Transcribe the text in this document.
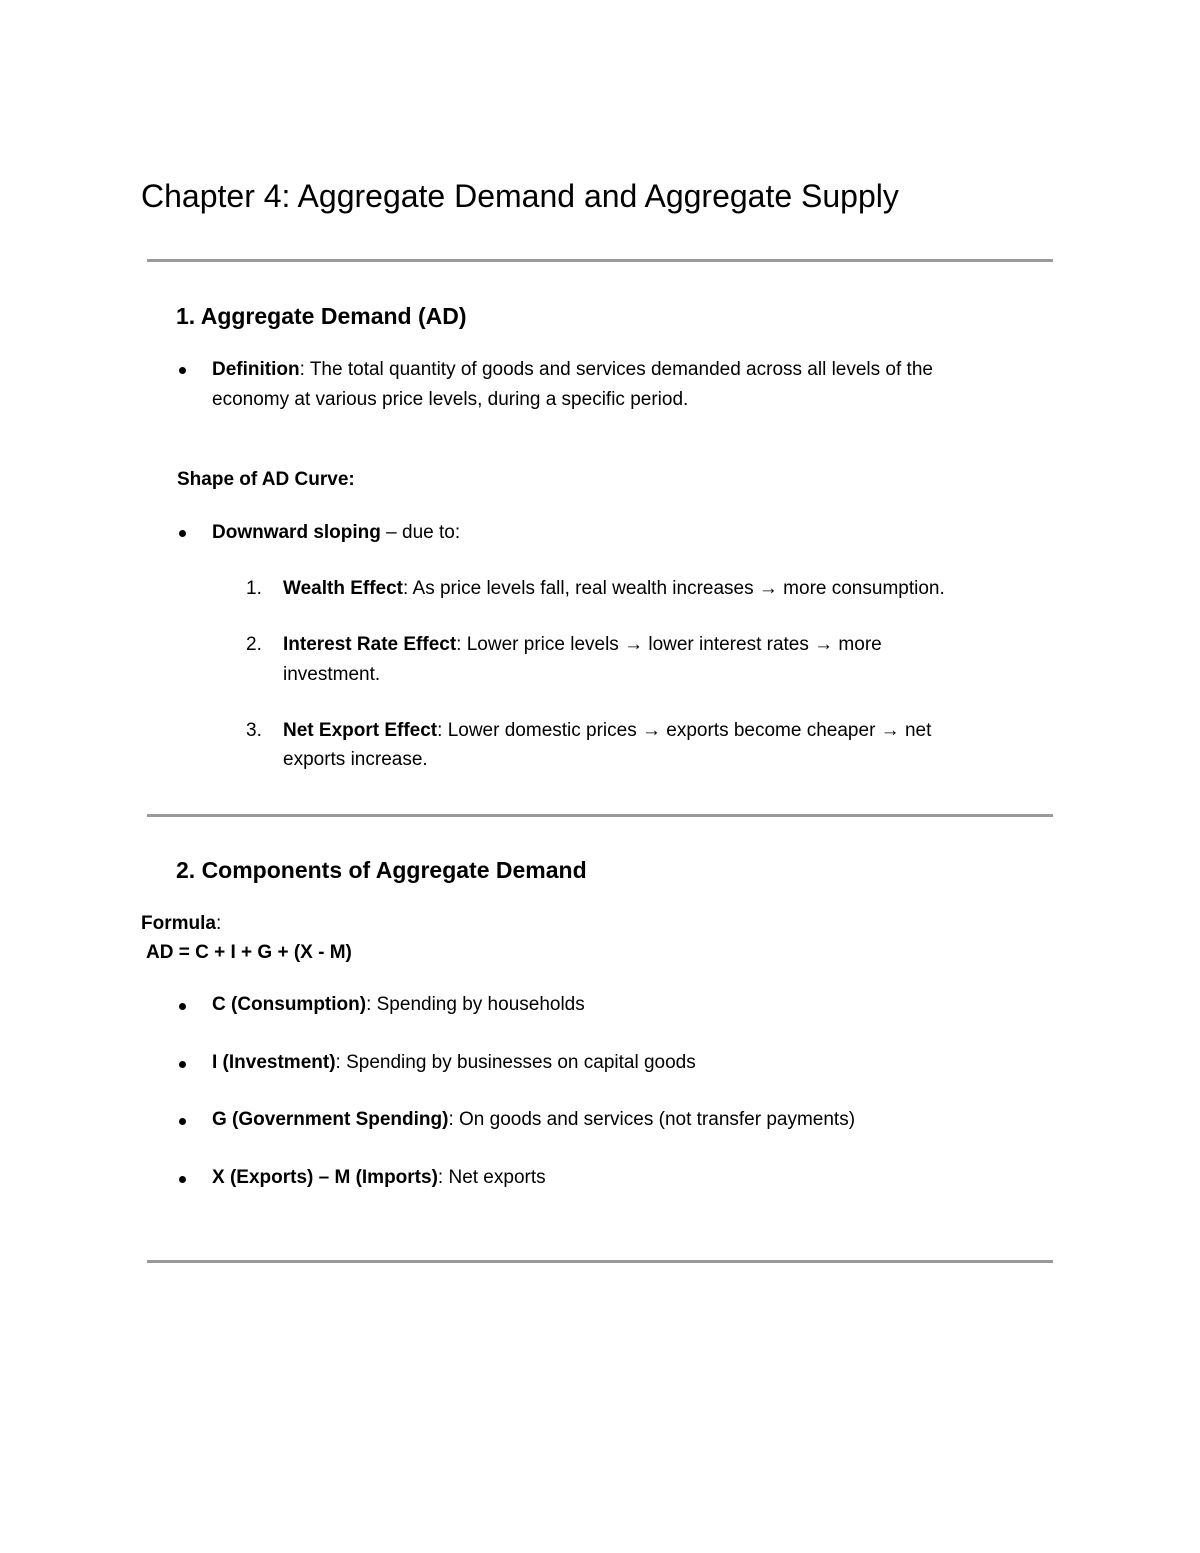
Chapter 4: Aggregate Demand and Aggregate Supply
1. Aggregate Demand (AD)
Definition: The total quantity of goods and services demanded across all levels of the
economy at various price levels, during a specific period.
Shape of AD Curve:
Downward sloping – due to:
1. Wealth Effect: As price levels fall, real wealth increases → more consumption.
2. Interest Rate Effect: Lower price levels → lower interest rates → more
investment.
3. Net Export Effect: Lower domestic prices → exports become cheaper → net
exports increase.
2. Components of Aggregate Demand
Formula:
AD = C + I + G + (X - M)
C (Consumption): Spending by households
I (Investment): Spending by businesses on capital goods
G (Government Spending): On goods and services (not transfer payments)
X (Exports) – M (Imports): Net exports
